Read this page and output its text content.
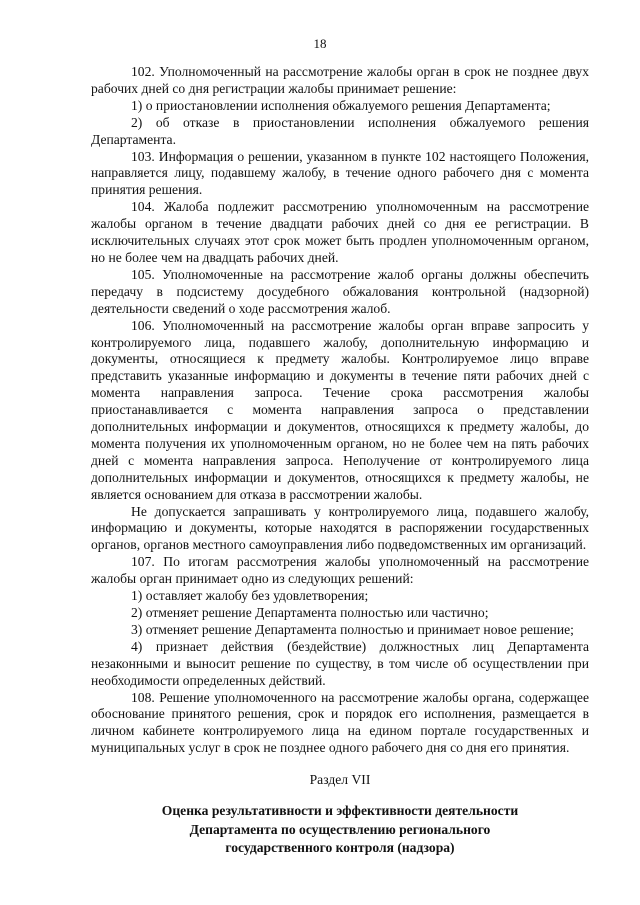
18

102. Уполномоченный на рассмотрение жалобы орган в срок не позднее двух рабочих дней со дня регистрации жалобы принимает решение:

1) о приостановлении исполнения обжалуемого решения Департамента;

2) об отказе в приостановлении исполнения обжалуемого решения Департамента.

103. Информация о решении, указанном в пункте 102 настоящего Положения, направляется лицу, подавшему жалобу, в течение одного рабочего дня с момента принятия решения.

104. Жалоба подлежит рассмотрению уполномоченным на рассмотрение жалобы органом в течение двадцати рабочих дней со дня ее регистрации. В исключительных случаях этот срок может быть продлен уполномоченным органом, но не более чем на двадцать рабочих дней.

105. Уполномоченные на рассмотрение жалоб органы должны обеспечить передачу в подсистему досудебного обжалования контрольной (надзорной) деятельности сведений о ходе рассмотрения жалоб.

106. Уполномоченный на рассмотрение жалобы орган вправе запросить у контролируемого лица, подавшего жалобу, дополнительную информацию и документы, относящиеся к предмету жалобы. Контролируемое лицо вправе представить указанные информацию и документы в течение пяти рабочих дней с момента направления запроса. Течение срока рассмотрения жалобы приостанавливается с момента направления запроса о представлении дополнительных информации и документов, относящихся к предмету жалобы, до момента получения их уполномоченным органом, но не более чем на пять рабочих дней с момента направления запроса. Неполучение от контролируемого лица дополнительных информации и документов, относящихся к предмету жалобы, не является основанием для отказа в рассмотрении жалобы.

Не допускается запрашивать у контролируемого лица, подавшего жалобу, информацию и документы, которые находятся в распоряжении государственных органов, органов местного самоуправления либо подведомственных им организаций.

107. По итогам рассмотрения жалобы уполномоченный на рассмотрение жалобы орган принимает одно из следующих решений:

1) оставляет жалобу без удовлетворения;

2) отменяет решение Департамента полностью или частично;

3) отменяет решение Департамента полностью и принимает новое решение;

4) признает действия (бездействие) должностных лиц Департамента незаконными и выносит решение по существу, в том числе об осуществлении при необходимости определенных действий.

108. Решение уполномоченного на рассмотрение жалобы органа, содержащее обоснование принятого решения, срок и порядок его исполнения, размещается в личном кабинете контролируемого лица на едином портале государственных и муниципальных услуг в срок не позднее одного рабочего дня со дня его принятия.

Раздел VII

Оценка результативности и эффективности деятельности

Департамента по осуществлению регионального

государственного контроля (надзора)
